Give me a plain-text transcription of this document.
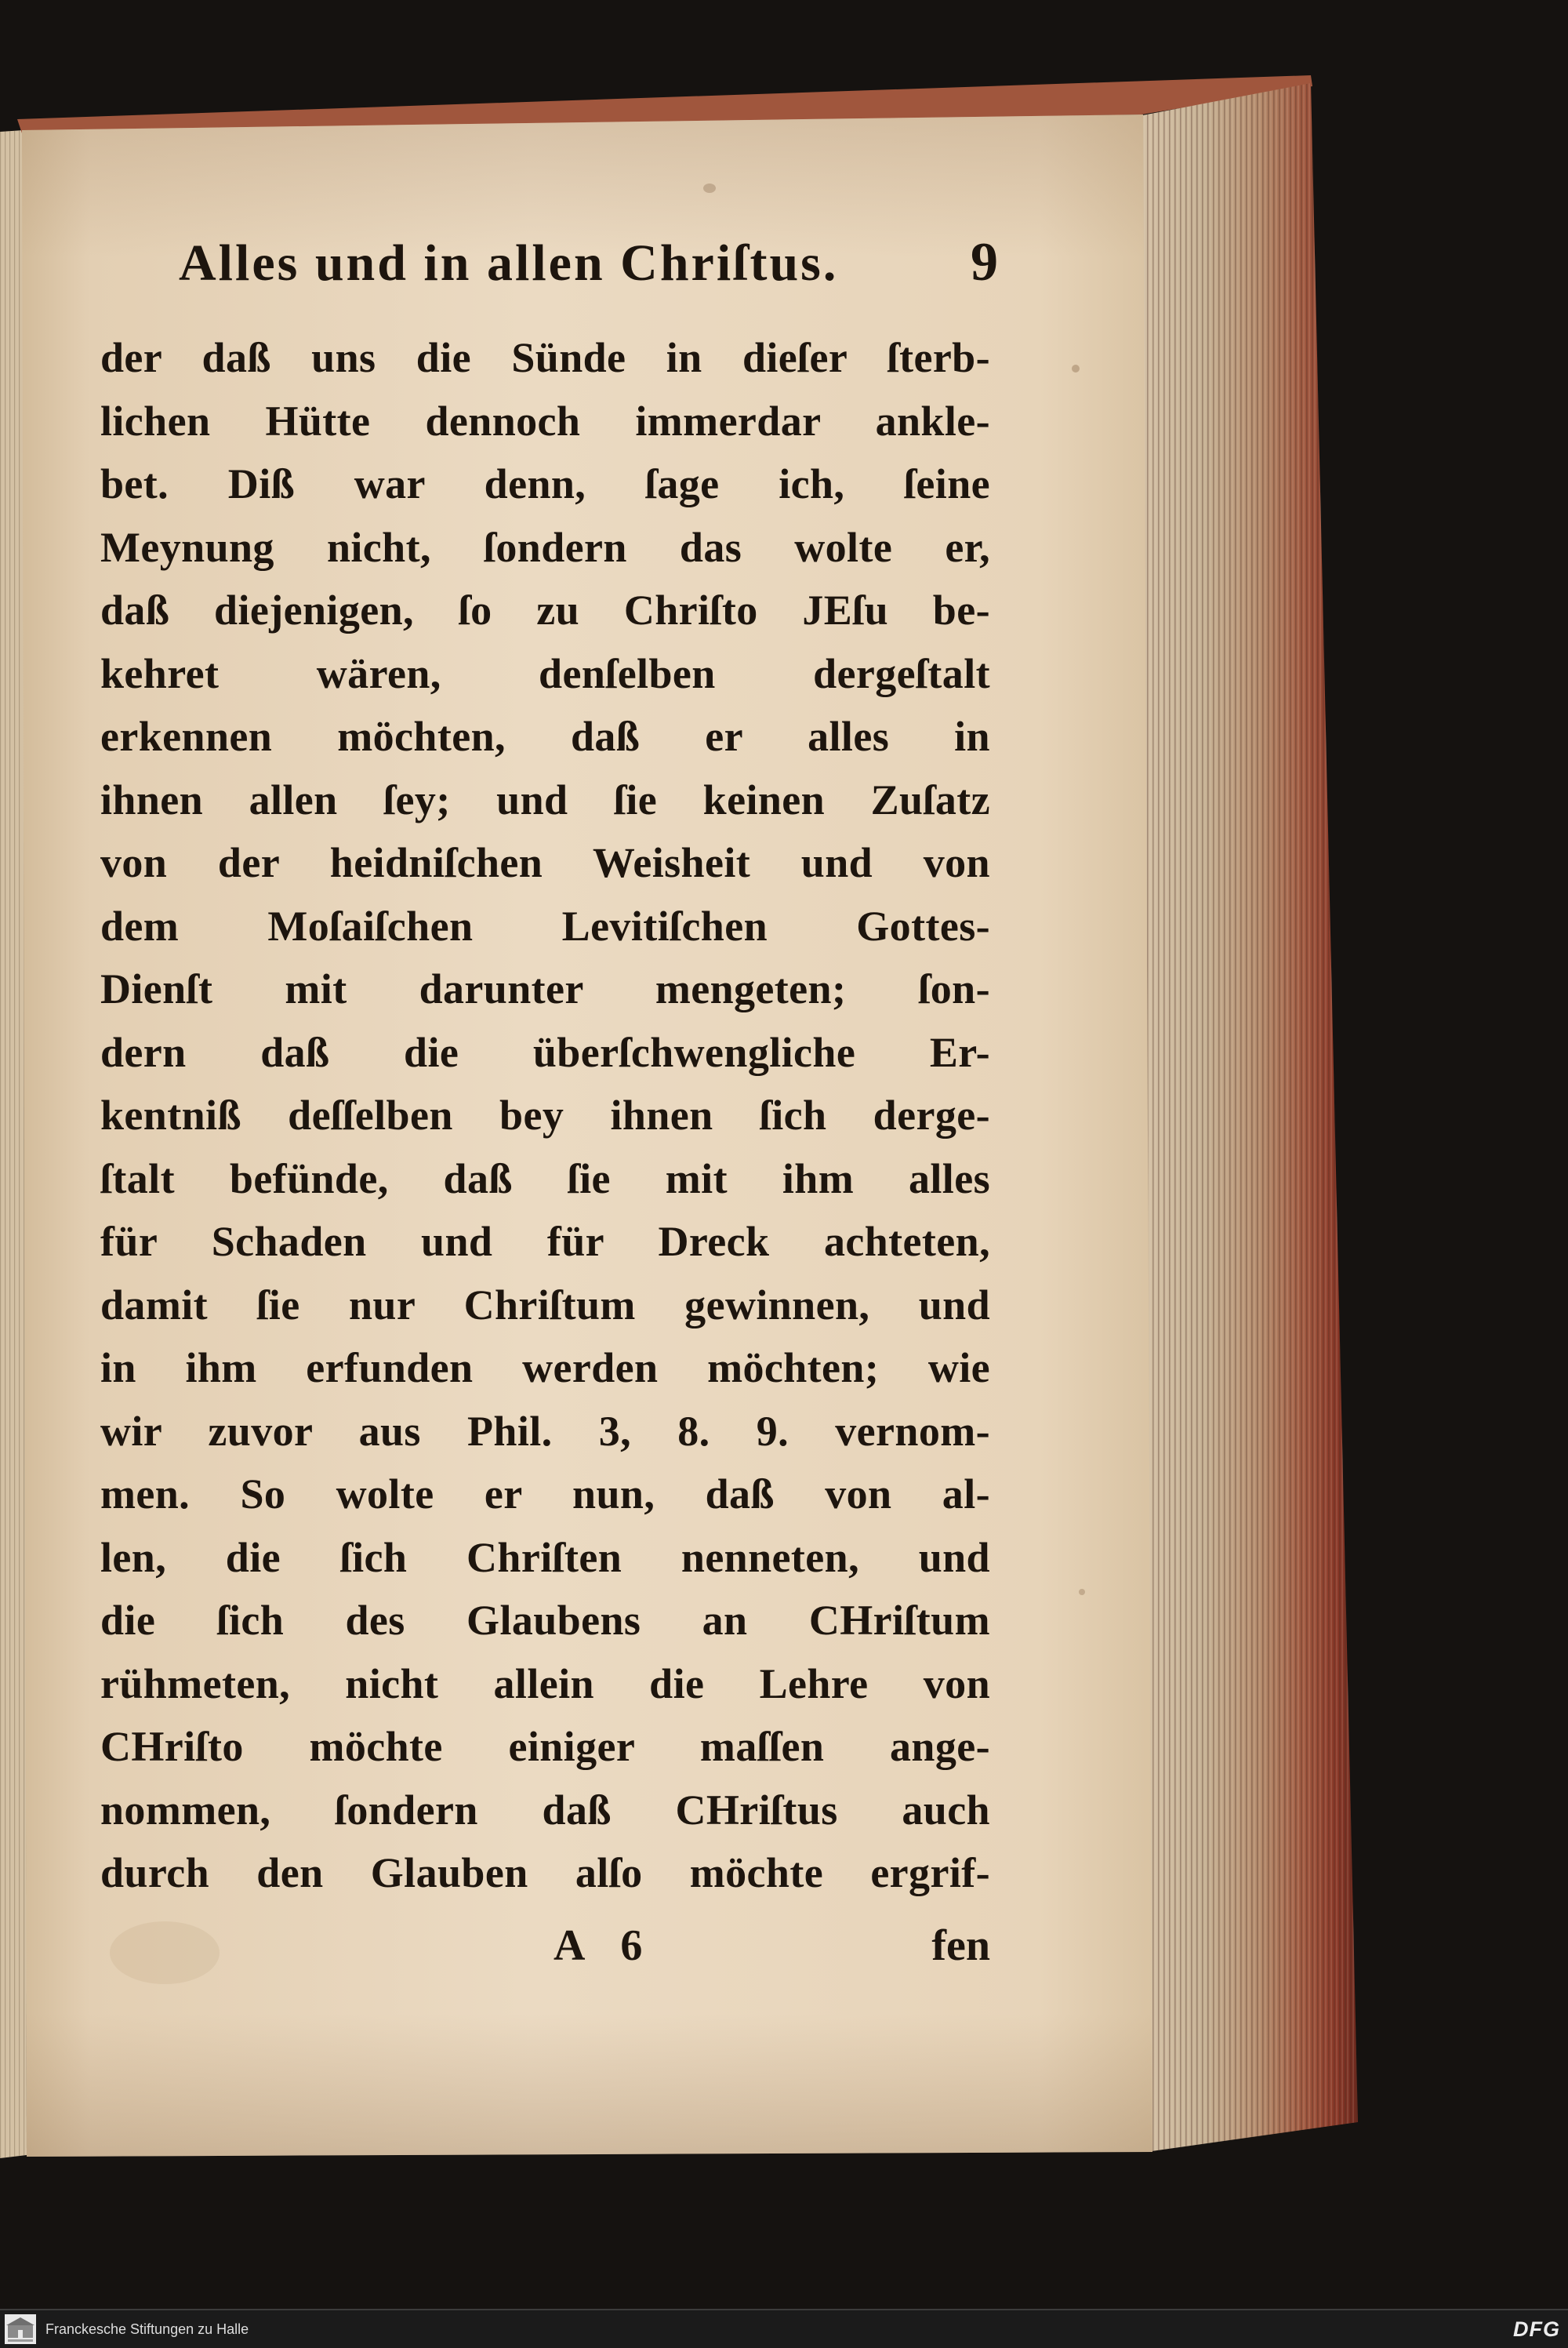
Alles und in allen Chriſtus. 9
der daß uns die Sünde in dieſer ſterb-
lichen Hütte dennoch immerdar ankle-
bet. Diß war denn, ſage ich, ſeine
Meynung nicht, ſondern das wolte er,
daß diejenigen, ſo zu Chriſto JEſu be-
kehret wären, denſelben dergeſtalt
erkennen möchten, daß er alles in
ihnen allen ſey; und ſie keinen Zuſatz
von der heidniſchen Weisheit und von
dem Moſaiſchen Levitiſchen Gottes-
Dienſt mit darunter mengeten; ſon-
dern daß die überſchwengliche Er-
kentniß deſſelben bey ihnen ſich derge-
ſtalt befünde, daß ſie mit ihm alles
für Schaden und für Dreck achteten,
damit ſie nur Chriſtum gewinnen, und
in ihm erfunden werden möchten; wie
wir zuvor aus Phil. 3, 8. 9. vernom-
men. So wolte er nun, daß von al-
len, die ſich Chriſten nenneten, und
die ſich des Glaubens an CHriſtum
rühmeten, nicht allein die Lehre von
CHriſto möchte einiger maſſen ange-
nommen, ſondern daß CHriſtus auch
durch den Glauben alſo möchte ergrif-
A 6	fen
Franckesche Stiftungen zu Halle	DFG
